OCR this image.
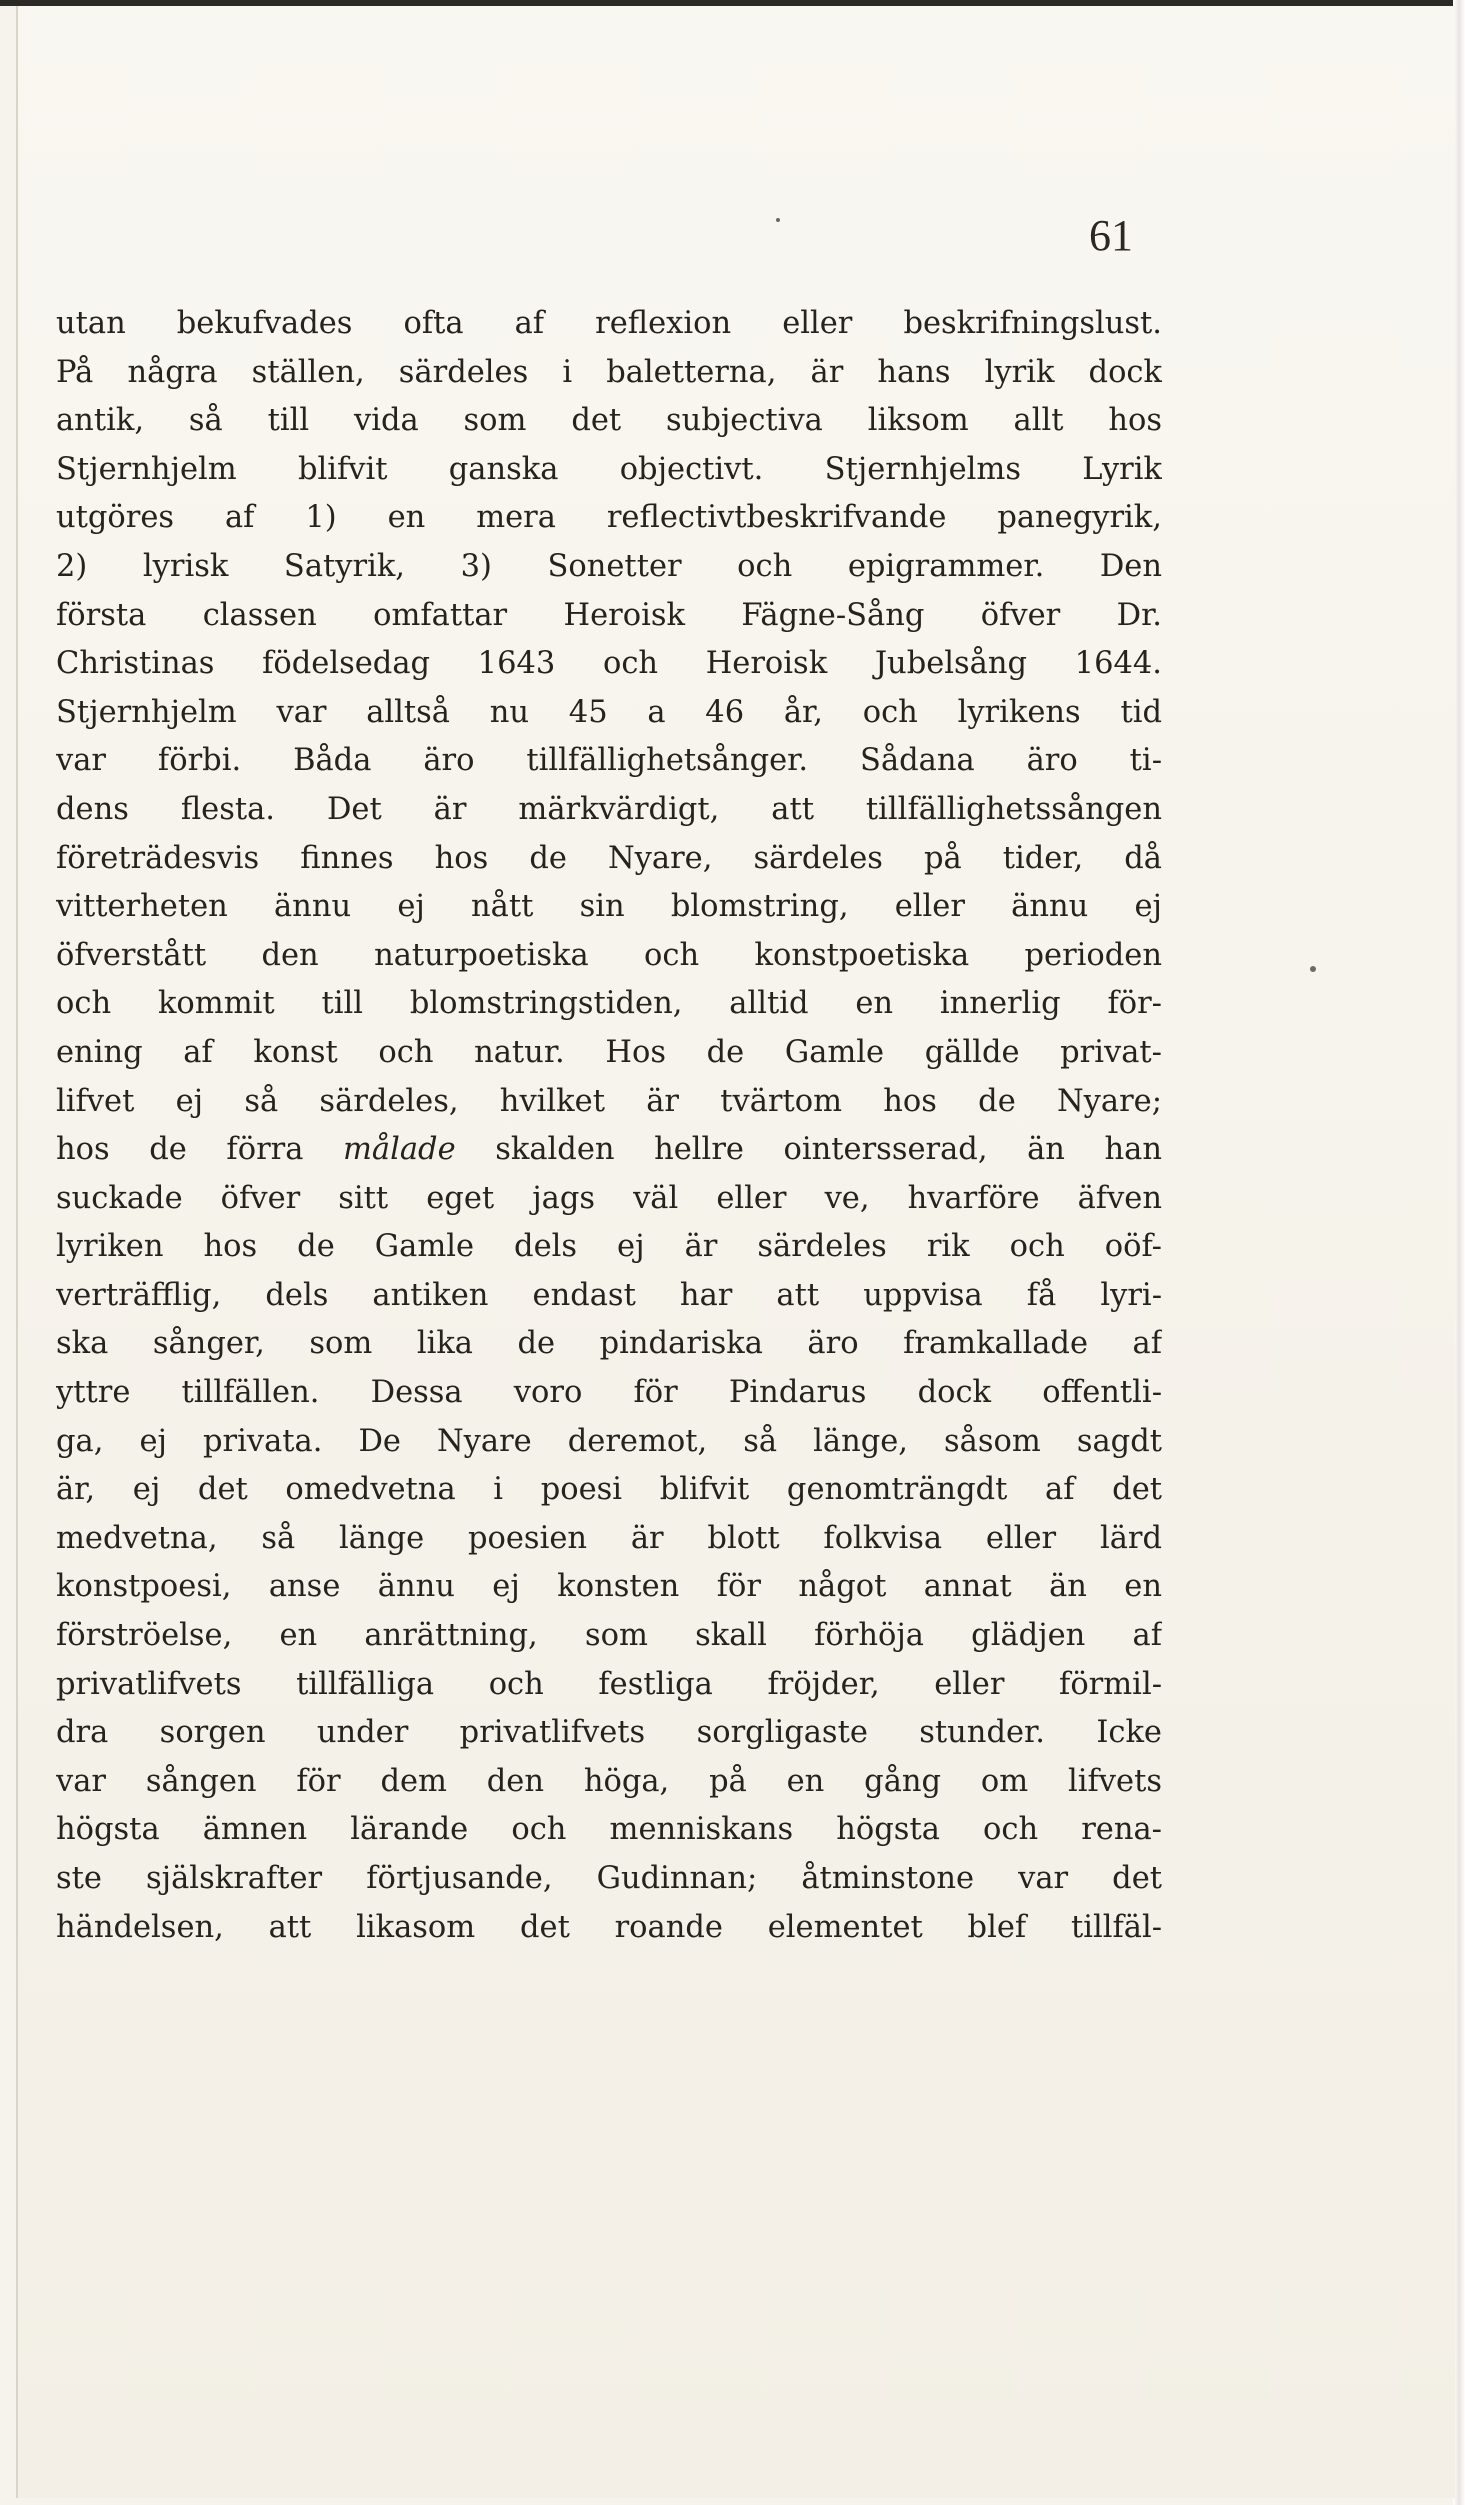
61

utan bekufvades ofta af reflexion eller beskrifningslust.
På några ställen, särdeles i baletterna, är hans lyrik dock
antik, så till vida som det subjectiva liksom allt hos
Stjernhjelm blifvit ganska objectivt. Stjernhjelms Lyrik
utgöres af 1) en mera reflectivtbeskrifvande panegyrik,
2) lyrisk Satyrik, 3) Sonetter och epigrammer. Den
första classen omfattar Heroisk Fägne-Sång öfver Dr.
Christinas födelsedag 1643 och Heroisk Jubelsång 1644.
Stjernhjelm var alltså nu 45 a 46 år, och lyrikens tid
var förbi. Båda äro tillfällighetsånger. Sådana äro ti-
dens flesta. Det är märkvärdigt, att tillfällighetssången
företrädesvis finnes hos de Nyare, särdeles på tider, då
vitterheten ännu ej nått sin blomstring, eller ännu ej
öfverstått den naturpoetiska och konstpoetiska perioden
och kommit till blomstringstiden, alltid en innerlig för-
ening af konst och natur. Hos de Gamle gällde privat-
lifvet ej så särdeles, hvilket är tvärtom hos de Nyare;
hos de förra målade skalden hellre ointersserad, än han
suckade öfver sitt eget jags väl eller ve, hvarföre äfven
lyriken hos de Gamle dels ej är särdeles rik och oöf-
verträfflig, dels antiken endast har att uppvisa få lyri-
ska sånger, som lika de pindariska äro framkallade af
yttre tillfällen. Dessa voro för Pindarus dock offentli-
ga, ej privata. De Nyare deremot, så länge, såsom sagdt
är, ej det omedvetna i poesi blifvit genomträngdt af det
medvetna, så länge poesien är blott folkvisa eller lärd
konstpoesi, anse ännu ej konsten för något annat än en
förströelse, en anrättning, som skall förhöja glädjen af
privatlifvets tillfälliga och festliga fröjder, eller förmil-
dra sorgen under privatlifvets sorgligaste stunder. Icke
var sången för dem den höga, på en gång om lifvets
högsta ämnen lärande och menniskans högsta och rena-
ste själskrafter förtjusande, Gudinnan; åtminstone var det
händelsen, att likasom det roande elementet blef tillfäl-
